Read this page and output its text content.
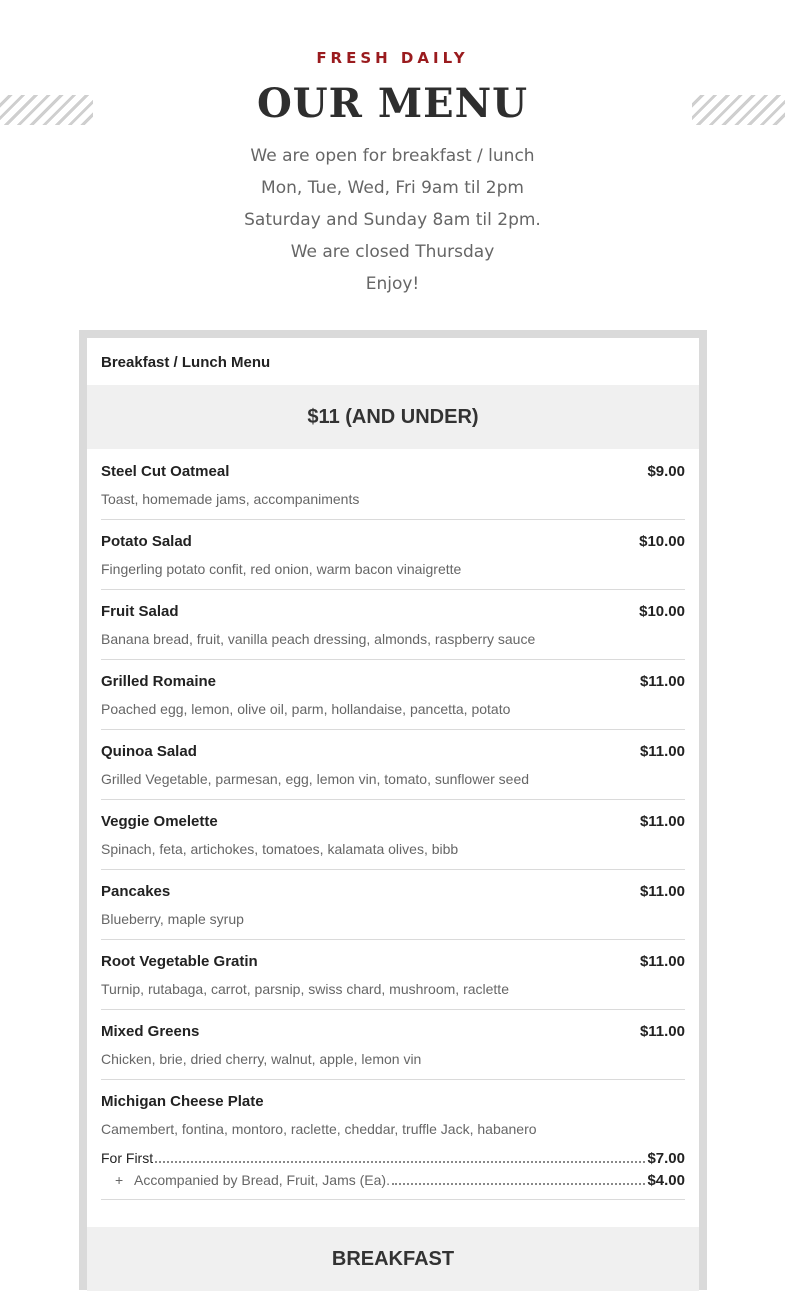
FRESH DAILY
OUR MENU
We are open for breakfast / lunch
Mon, Tue, Wed, Fri 9am til 2pm
Saturday and Sunday 8am til 2pm.
We are closed Thursday
Enjoy!
Breakfast / Lunch Menu
$11 (AND UNDER)
Steel Cut Oatmeal	$9.00
Toast, homemade jams, accompaniments
Potato Salad	$10.00
Fingerling potato confit, red onion, warm bacon vinaigrette
Fruit Salad	$10.00
Banana bread, fruit, vanilla peach dressing, almonds, raspberry sauce
Grilled Romaine	$11.00
Poached egg, lemon, olive oil, parm, hollandaise, pancetta, potato
Quinoa Salad	$11.00
Grilled Vegetable, parmesan, egg, lemon vin, tomato, sunflower seed
Veggie Omelette	$11.00
Spinach, feta, artichokes, tomatoes, kalamata olives, bibb
Pancakes	$11.00
Blueberry, maple syrup
Root Vegetable Gratin	$11.00
Turnip, rutabaga, carrot, parsnip, swiss chard, mushroom, raclette
Mixed Greens	$11.00
Chicken, brie, dried cherry, walnut, apple, lemon vin
Michigan Cheese Plate
Camembert, fontina, montoro, raclette, cheddar, truffle Jack, habanero
For First	$7.00
+ Accompanied by Bread, Fruit, Jams (Ea).	$4.00
BREAKFAST
